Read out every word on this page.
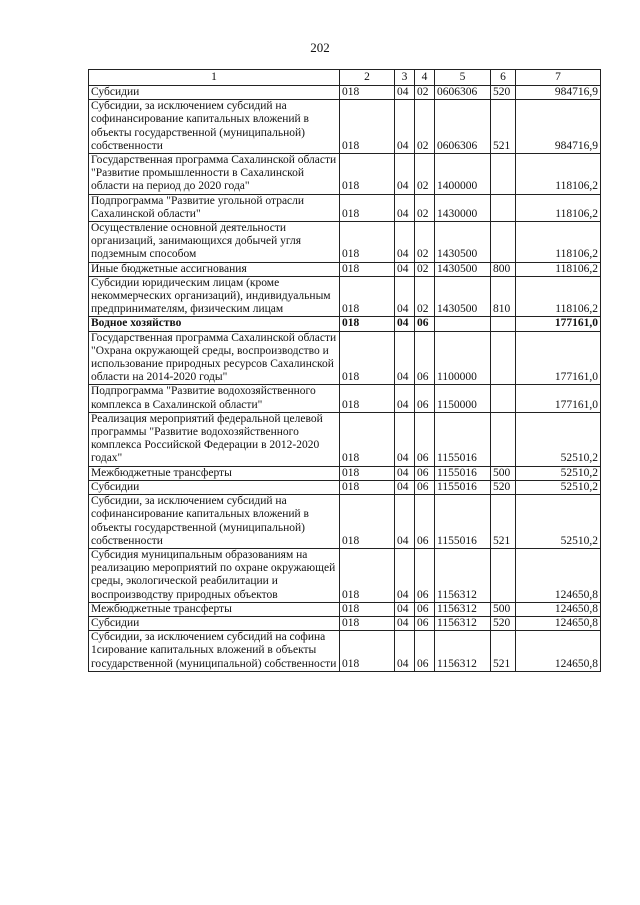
202
1	2	3	4	5	6	7
Субсидии	018	04	02	0606306	520	984716,9
Субсидии, за исключением субсидий на софинансирование капитальных вложений в объекты государственной (муниципальной) собственности	018	04	02	0606306	521	984716,9
Государственная программа Сахалинской области "Развитие промышленности в Сахалинской области на период до 2020 года"	018	04	02	1400000		118106,2
Подпрограмма "Развитие угольной отрасли Сахалинской области"	018	04	02	1430000		118106,2
Осуществление основной деятельности организаций, занимающихся добычей угля подземным способом	018	04	02	1430500		118106,2
Иные бюджетные ассигнования	018	04	02	1430500	800	118106,2
Субсидии юридическим лицам (кроме некоммерческих организаций), индивидуальным предпринимателям, физическим лицам	018	04	02	1430500	810	118106,2
Водное хозяйство	018	04	06			177161,0
Государственная программа Сахалинской области "Охрана окружающей среды, воспроизводство и использование природных ресурсов Сахалинской области на 2014-2020 годы"	018	04	06	1100000		177161,0
Подпрограмма "Развитие водохозяйственного комплекса в Сахалинской области"	018	04	06	1150000		177161,0
Реализация мероприятий федеральной целевой программы "Развитие водохозяйственного комплекса Российской Федерации в 2012-2020 годах"	018	04	06	1155016		52510,2
Межбюджетные трансферты	018	04	06	1155016	500	52510,2
Субсидии	018	04	06	1155016	520	52510,2
Субсидии, за исключением субсидий на софинансирование капитальных вложений в объекты государственной (муниципальной) собственности	018	04	06	1155016	521	52510,2
Субсидия муниципальным образованиям на реализацию мероприятий по охране окружающей среды, экологической реабилитации и воспроизводству природных объектов	018	04	06	1156312		124650,8
Межбюджетные трансферты	018	04	06	1156312	500	124650,8
Субсидии	018	04	06	1156312	520	124650,8
Субсидии, за исключением субсидий на софина 1сирование капитальных вложений в объекты государственной (муниципальной) собственности	018	04	06	1156312	521	124650,8
